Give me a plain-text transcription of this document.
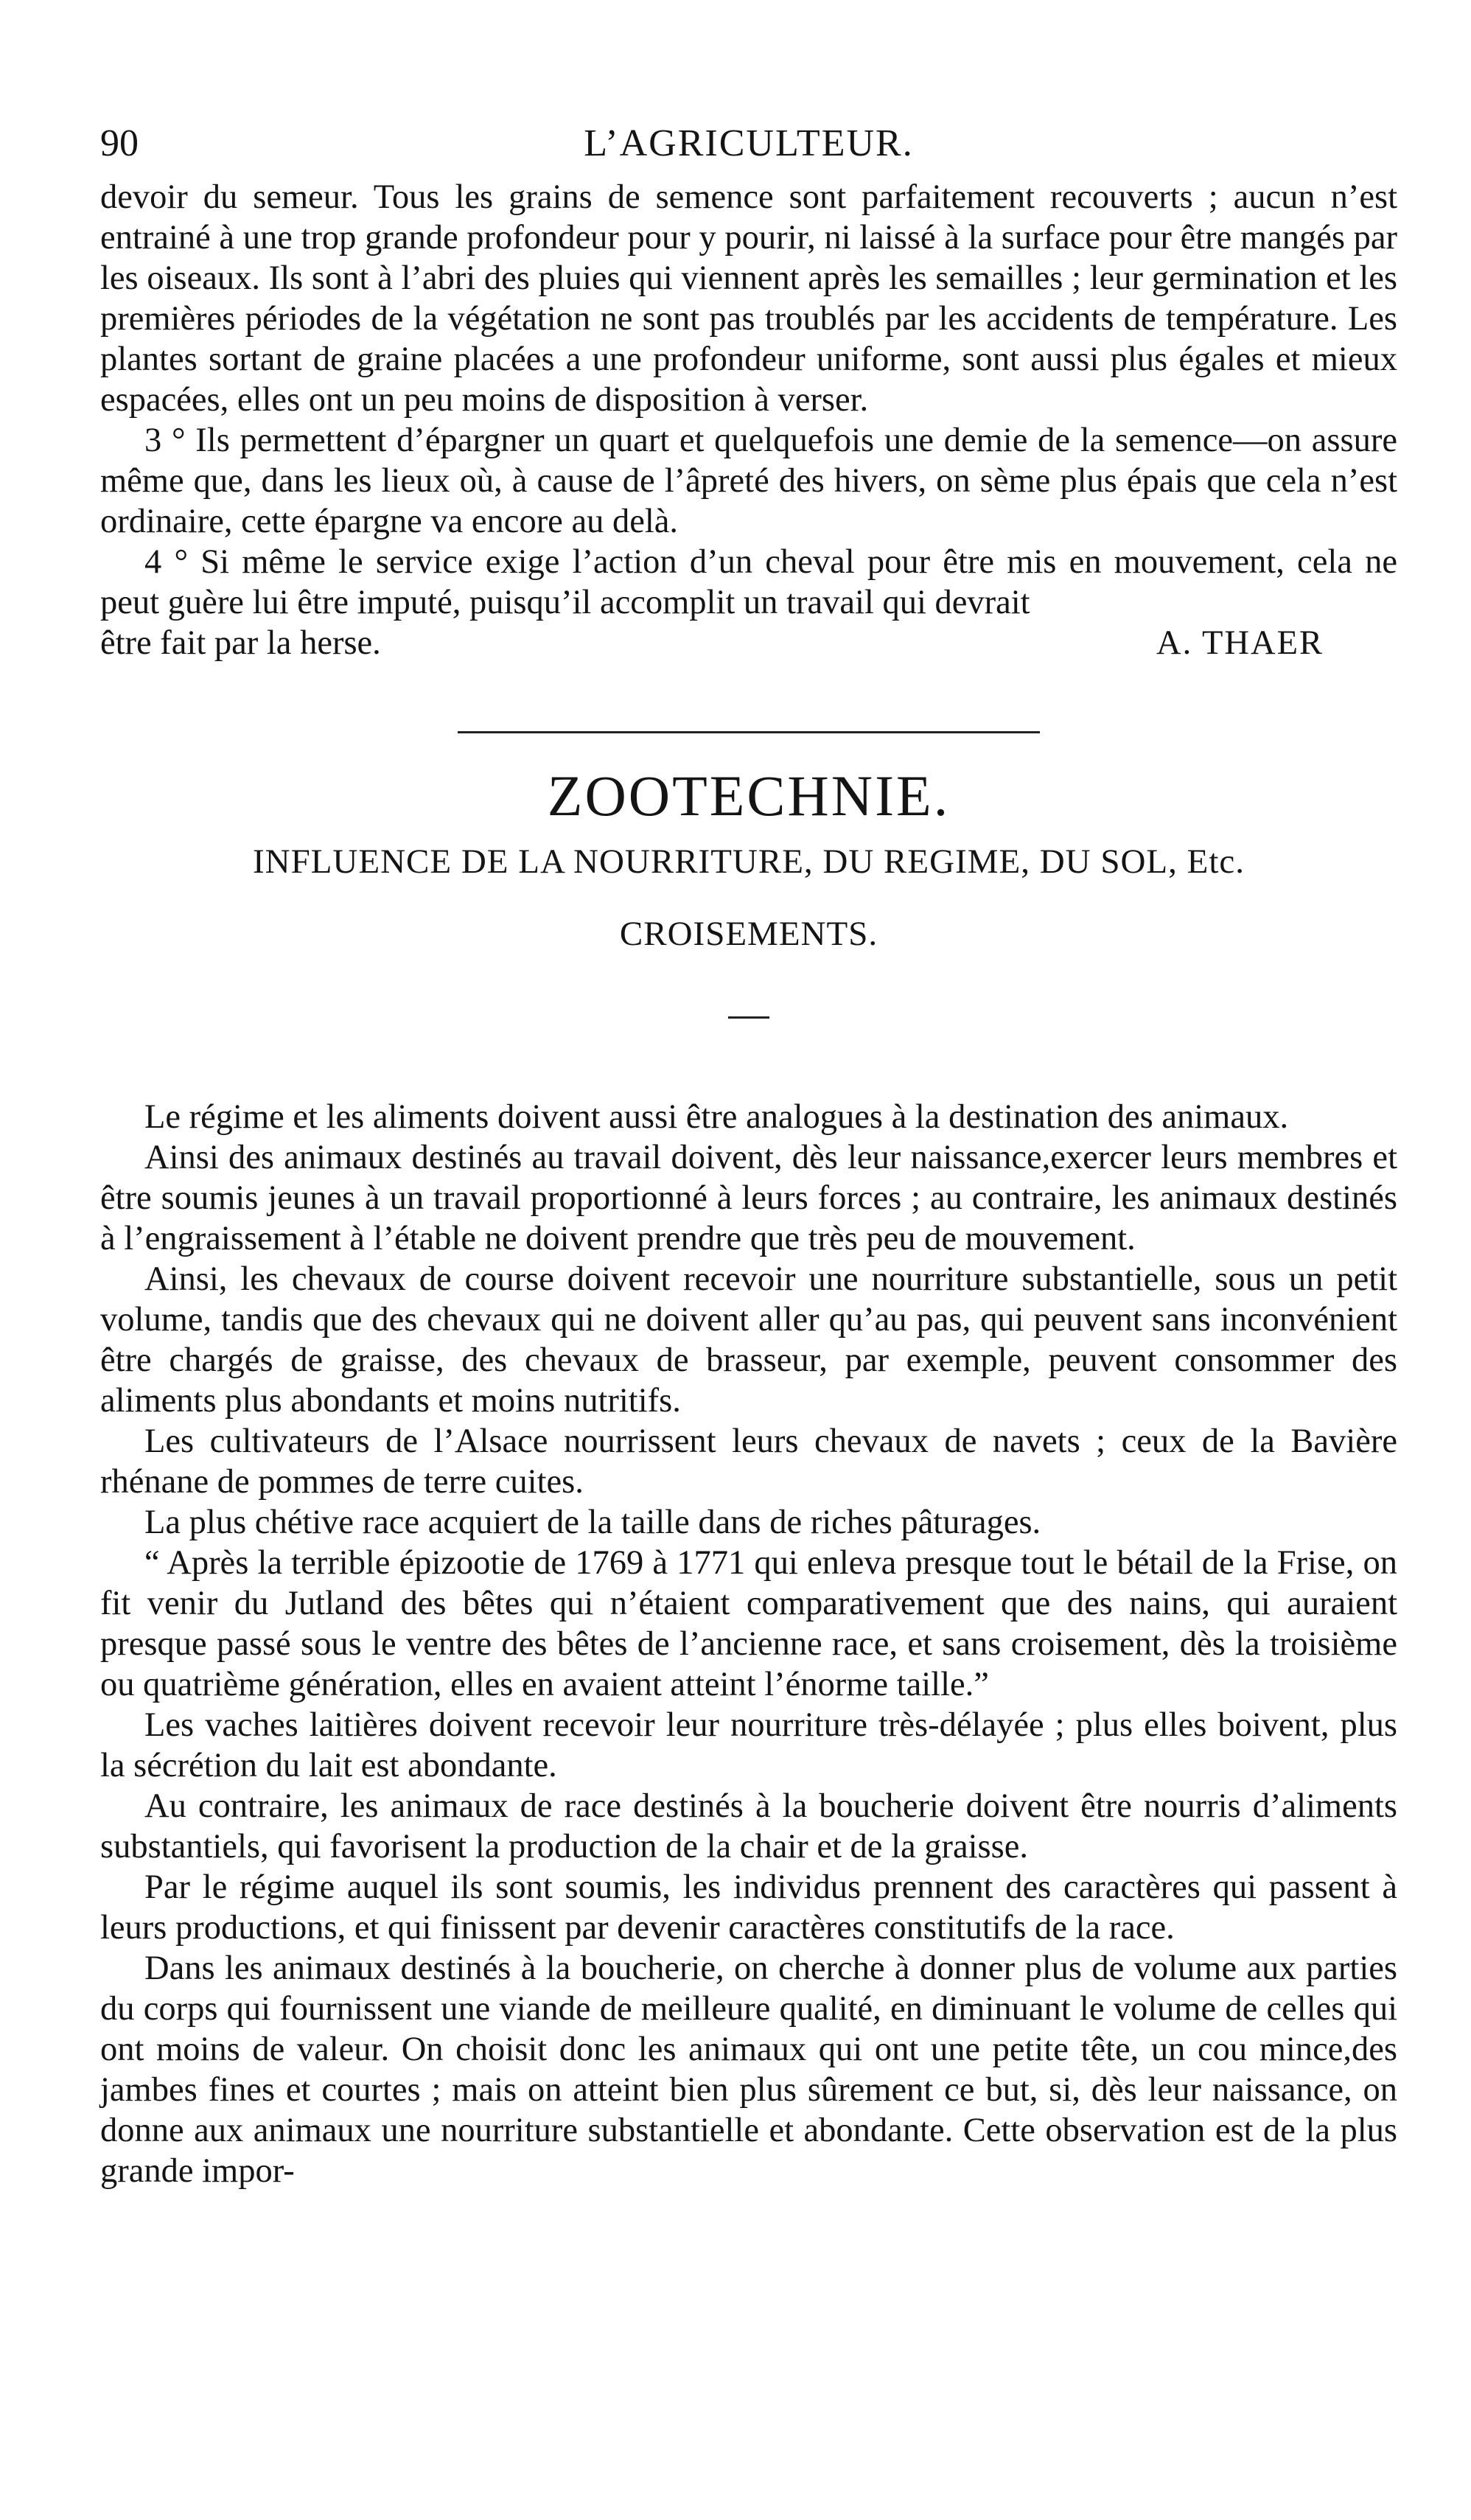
90	L’AGRICULTEUR.

devoir du semeur. Tous les grains de semence sont parfaitement recouverts ; aucun n’est entrainé à une trop grande profondeur pour y pourir, ni laissé à la surface pour être mangés par les oiseaux. Ils sont à l’abri des pluies qui viennent après les semailles ; leur germination et les premières périodes de la végétation ne sont pas troublés par les accidents de température. Les plantes sortant de graine placées a une profondeur uniforme, sont aussi plus égales et mieux espacées, elles ont un peu moins de disposition à verser.

3 ° Ils permettent d’épargner un quart et quelquefois une demie de la semence—on assure même que, dans les lieux où, à cause de l’âpreté des hivers, on sème plus épais que cela n’est ordinaire, cette épargne va encore au delà.

4 ° Si même le service exige l’action d’un cheval pour être mis en mouvement, cela ne peut guère lui être imputé, puisqu’il accomplit un travail qui devrait

être fait par la herse.	A. THAER
ZOOTECHNIE.
INFLUENCE DE LA NOURRITURE, DU REGIME, DU SOL, Etc.
CROISEMENTS.

Le régime et les aliments doivent aussi être analogues à la destination des animaux.

Ainsi des animaux destinés au travail doivent, dès leur naissance,exercer leurs membres et être soumis jeunes à un travail proportionné à leurs forces ; au contraire, les animaux destinés à l’engraissement à l’étable ne doivent prendre que très peu de mouvement.

Ainsi, les chevaux de course doivent recevoir une nourriture substantielle, sous un petit volume, tandis que des chevaux qui ne doivent aller qu’au pas, qui peuvent sans inconvénient être chargés de graisse, des chevaux de brasseur, par exemple, peuvent consommer des aliments plus abondants et moins nutritifs.

Les cultivateurs de l’Alsace nourrissent leurs chevaux de navets ; ceux de la Bavière rhénane de pommes de terre cuites.

La plus chétive race acquiert de la taille dans de riches pâturages.

“ Après la terrible épizootie de 1769 à 1771 qui enleva presque tout le bétail de la Frise, on fit venir du Jutland des bêtes qui n’étaient comparativement que des nains, qui auraient presque passé sous le ventre des bêtes de l’ancienne race, et sans croisement, dès la troisième ou quatrième génération, elles en avaient atteint l’énorme taille.”

Les vaches laitières doivent recevoir leur nourriture très-délayée ; plus elles boivent, plus la sécrétion du lait est abondante.

Au contraire, les animaux de race destinés à la boucherie doivent être nourris d’aliments substantiels, qui favorisent la production de la chair et de la graisse.

Par le régime auquel ils sont soumis, les individus prennent des caractères qui passent à leurs productions, et qui finissent par devenir caractères constitutifs de la race.

Dans les animaux destinés à la boucherie, on cherche à donner plus de volume aux parties du corps qui fournissent une viande de meilleure qualité, en diminuant le volume de celles qui ont moins de valeur. On choisit donc les animaux qui ont une petite tête, un cou mince,des jambes fines et courtes ; mais on atteint bien plus sûrement ce but, si, dès leur naissance, on donne aux animaux une nourriture substantielle et abondante. Cette observation est de la plus grande impor-
